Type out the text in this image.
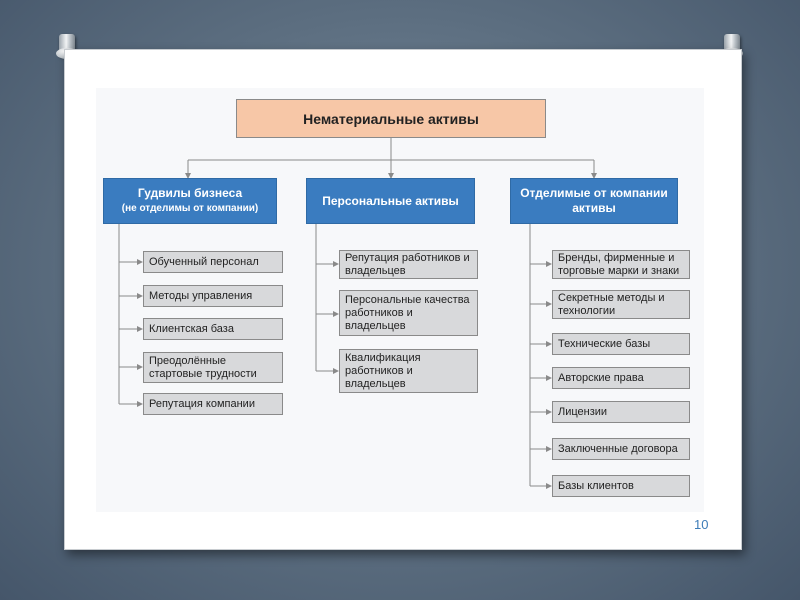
Нематериальные активы
Гудвилы бизнеса
(не отделимы от компании)
Персональные активы
Отделимые от компании активы
Обученный персонал
Методы управления
Клиентская база
Преодолённые стартовые трудности
Репутация компании
Репутация работников и владельцев
Персональные качества работников и владельцев
Квалификация работников и владельцев
Бренды, фирменные и торговые марки и знаки
Секретные методы и технологии
Технические базы
Авторские права
Лицензии
Заключенные договора
Базы клиентов
10
